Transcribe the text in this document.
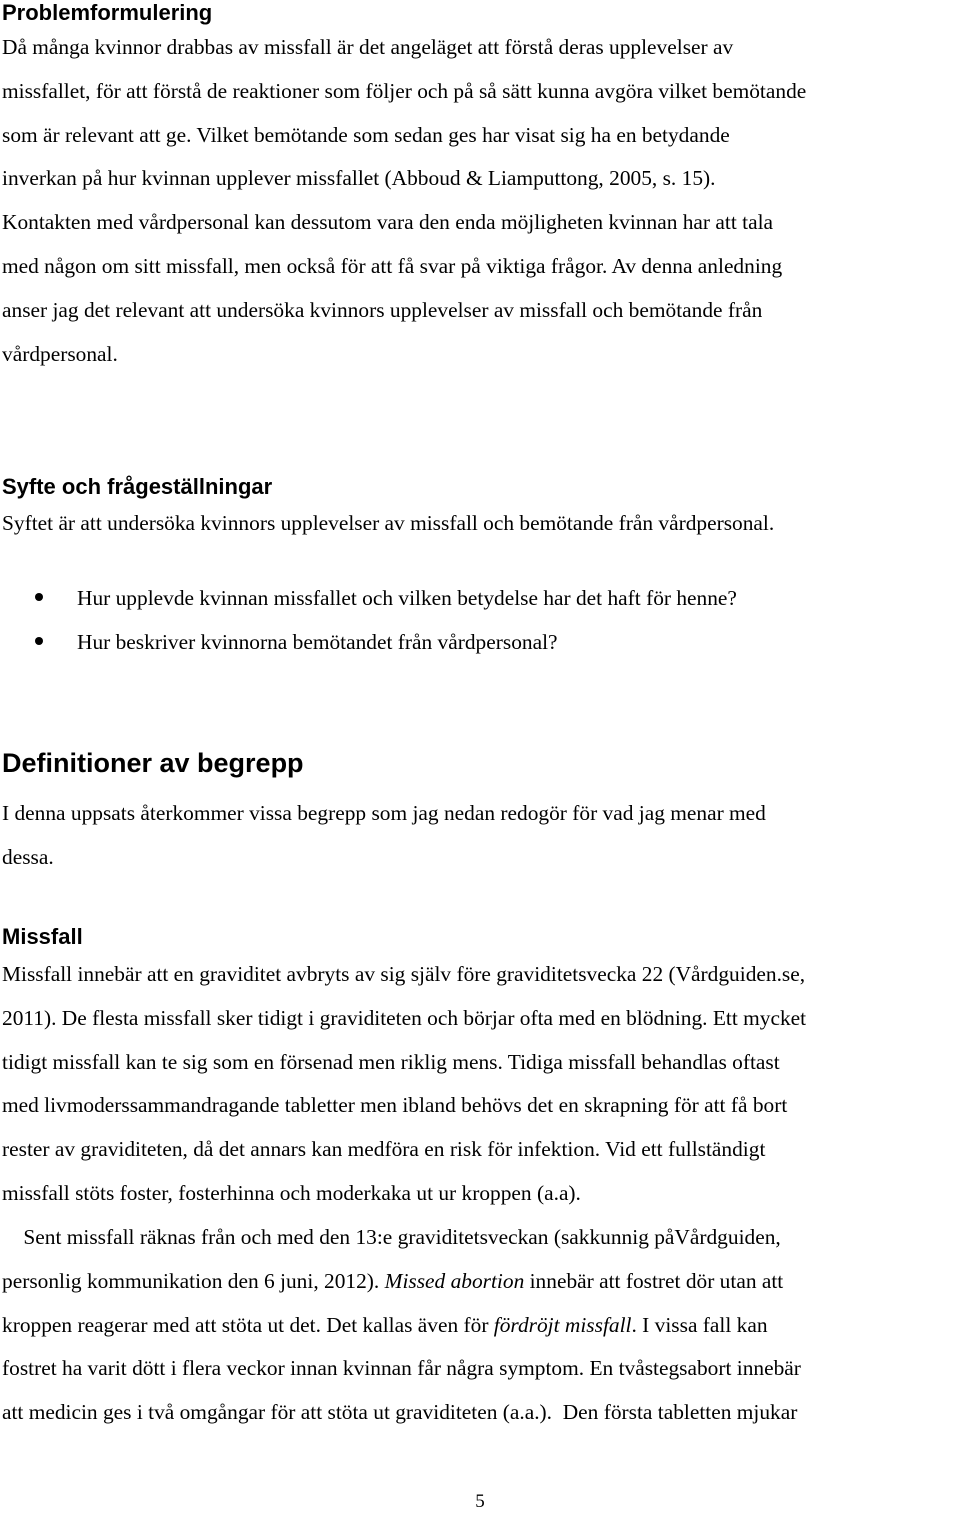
Problemformulering

Då många kvinnor drabbas av missfall är det angeläget att förstå deras upplevelser av
missfallet, för att förstå de reaktioner som följer och på så sätt kunna avgöra vilket bemötande
som är relevant att ge. Vilket bemötande som sedan ges har visat sig ha en betydande
inverkan på hur kvinnan upplever missfallet (Abboud & Liamputtong, 2005, s. 15).
Kontakten med vårdpersonal kan dessutom vara den enda möjligheten kvinnan har att tala
med någon om sitt missfall, men också för att få svar på viktiga frågor. Av denna anledning
anser jag det relevant att undersöka kvinnors upplevelser av missfall och bemötande från
vårdpersonal.

Syfte och frågeställningar

Syftet är att undersöka kvinnors upplevelser av missfall och bemötande från vårdpersonal.

Hur upplevde kvinnan missfallet och vilken betydelse har det haft för henne?
Hur beskriver kvinnorna bemötandet från vårdpersonal?
Definitioner av begrepp

I denna uppsats återkommer vissa begrepp som jag nedan redogör för vad jag menar med
dessa.

Missfall

Missfall innebär att en graviditet avbryts av sig själv före graviditetsvecka 22 (Vårdguiden.se,
2011). De flesta missfall sker tidigt i graviditeten och börjar ofta med en blödning. Ett mycket
tidigt missfall kan te sig som en försenad men riklig mens. Tidiga missfall behandlas oftast
med livmoderssammandragande tabletter men ibland behövs det en skrapning för att få bort
rester av graviditeten, då det annars kan medföra en risk för infektion. Vid ett fullständigt
missfall stöts foster, fosterhinna och moderkaka ut ur kroppen (a.a).

Sent missfall räknas från och med den 13:e graviditetsveckan (sakkunnig påVårdguiden,
personlig kommunikation den 6 juni, 2012). Missed abortion innebär att fostret dör utan att
kroppen reagerar med att stöta ut det. Det kallas även för fördröjt missfall. I vissa fall kan
fostret ha varit dött i flera veckor innan kvinnan får några symptom. En tvåstegsabort innebär
att medicin ges i två omgångar för att stöta ut graviditeten (a.a.).  Den första tabletten mjukar

5
